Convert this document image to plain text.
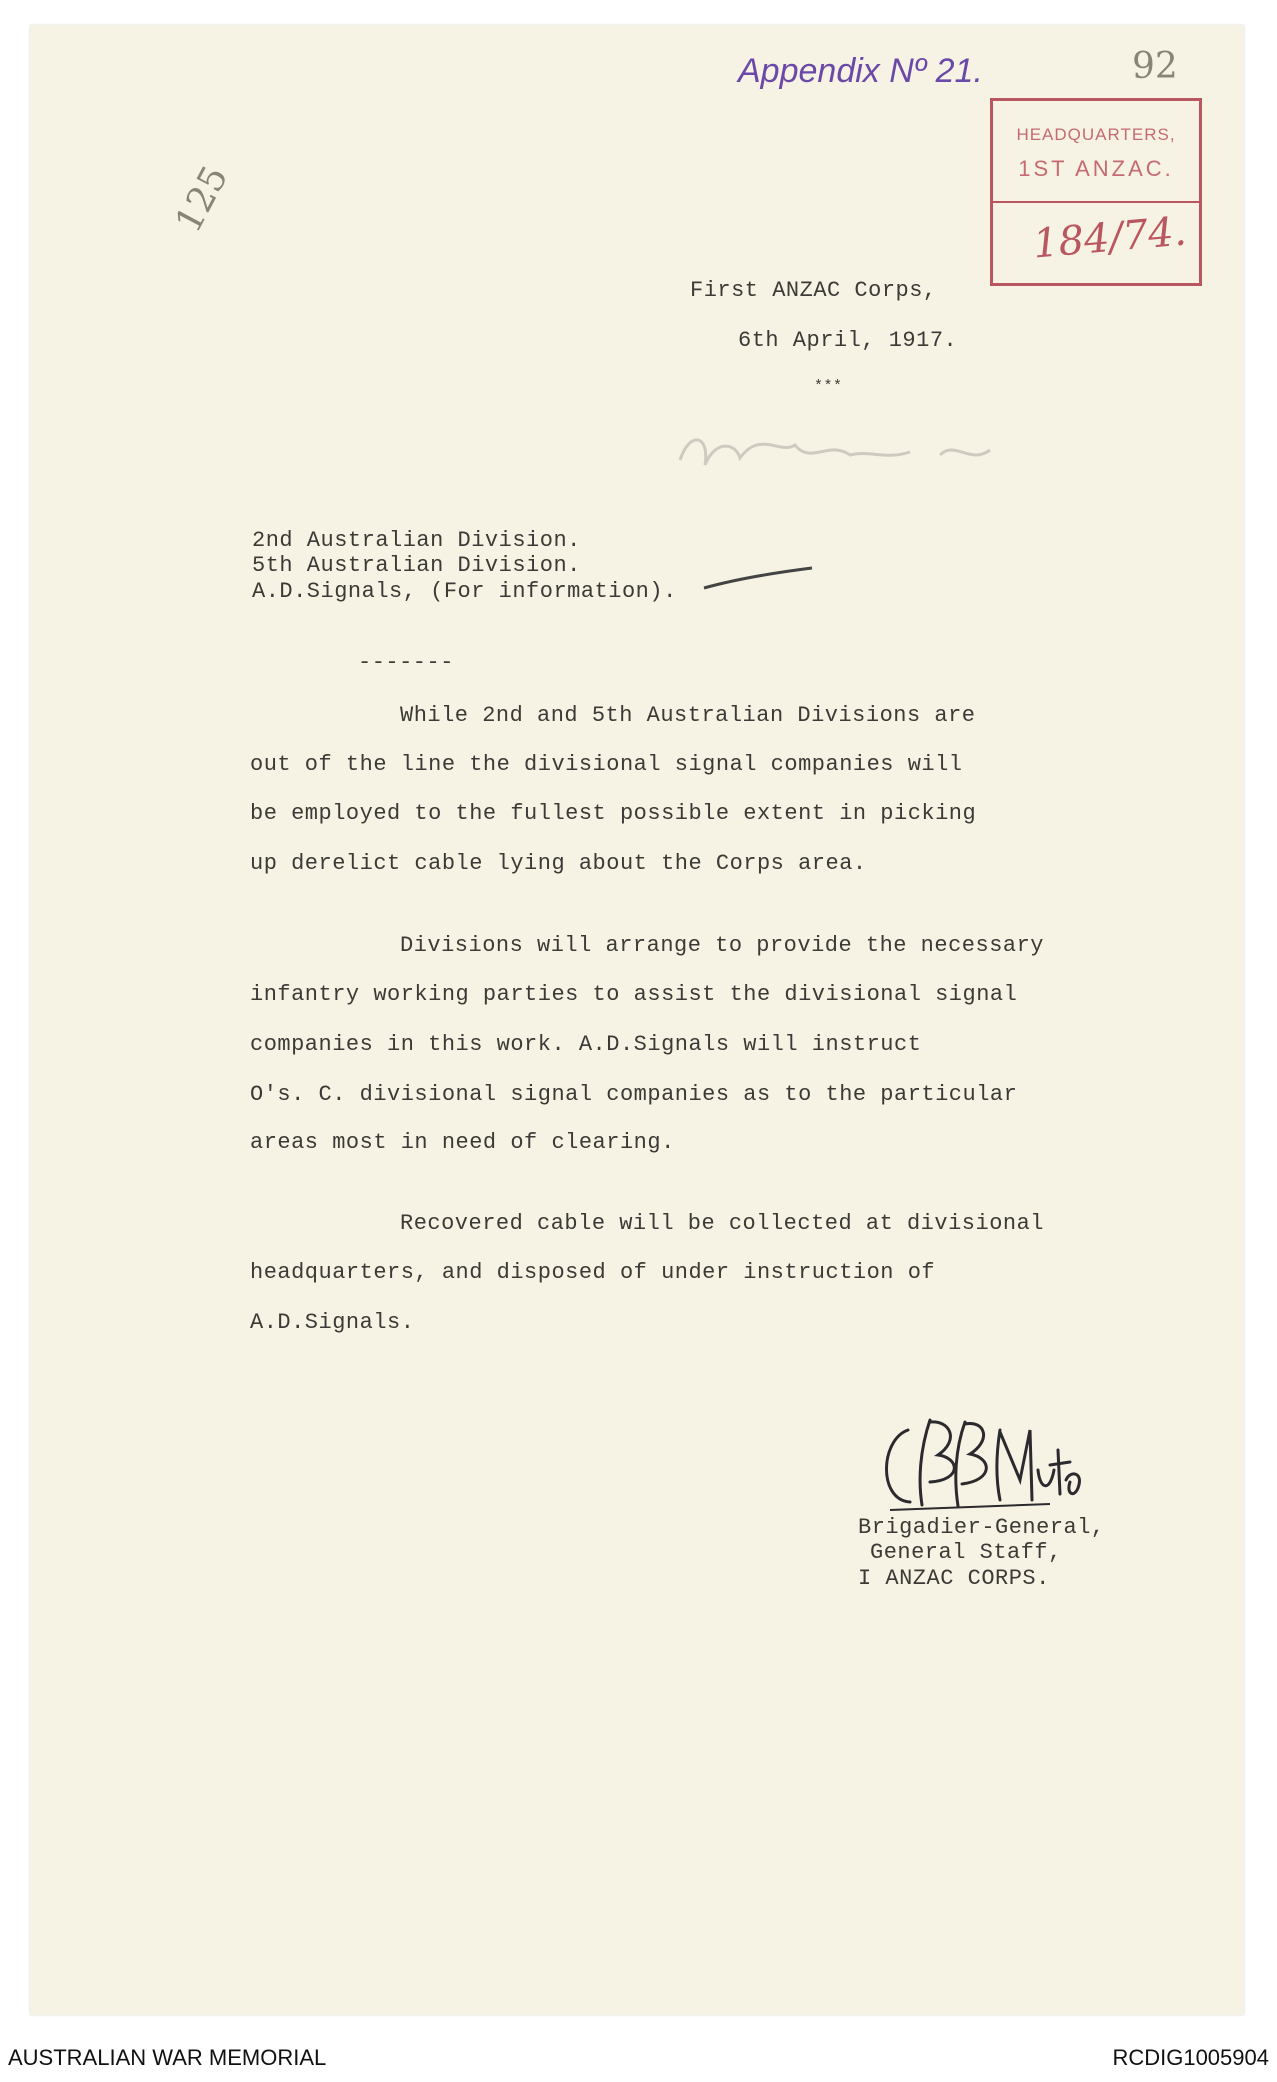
Appendix Nº 21.	92
125
HEADQUARTERS,
1ST ANZAC.
184/74.
First ANZAC Corps,
6th April, 1917.
***
2nd Australian Division.
5th Australian Division.
A.D.Signals, (For information).
-------
While 2nd and 5th Australian Divisions are
out of the line the divisional signal companies will
be employed to the fullest possible extent in picking
up derelict cable lying about the Corps area.
Divisions will arrange to provide the necessary
infantry working parties to assist the divisional signal
companies in this work. A.D.Signals will instruct
O's. C. divisional signal companies as to the particular
areas most in need of clearing.
Recovered cable will be collected at divisional
headquarters, and disposed of under instruction of
A.D.Signals.
Brigadier-General,
General Staff,
I ANZAC CORPS.
AUSTRALIAN WAR MEMORIAL	RCDIG1005904
